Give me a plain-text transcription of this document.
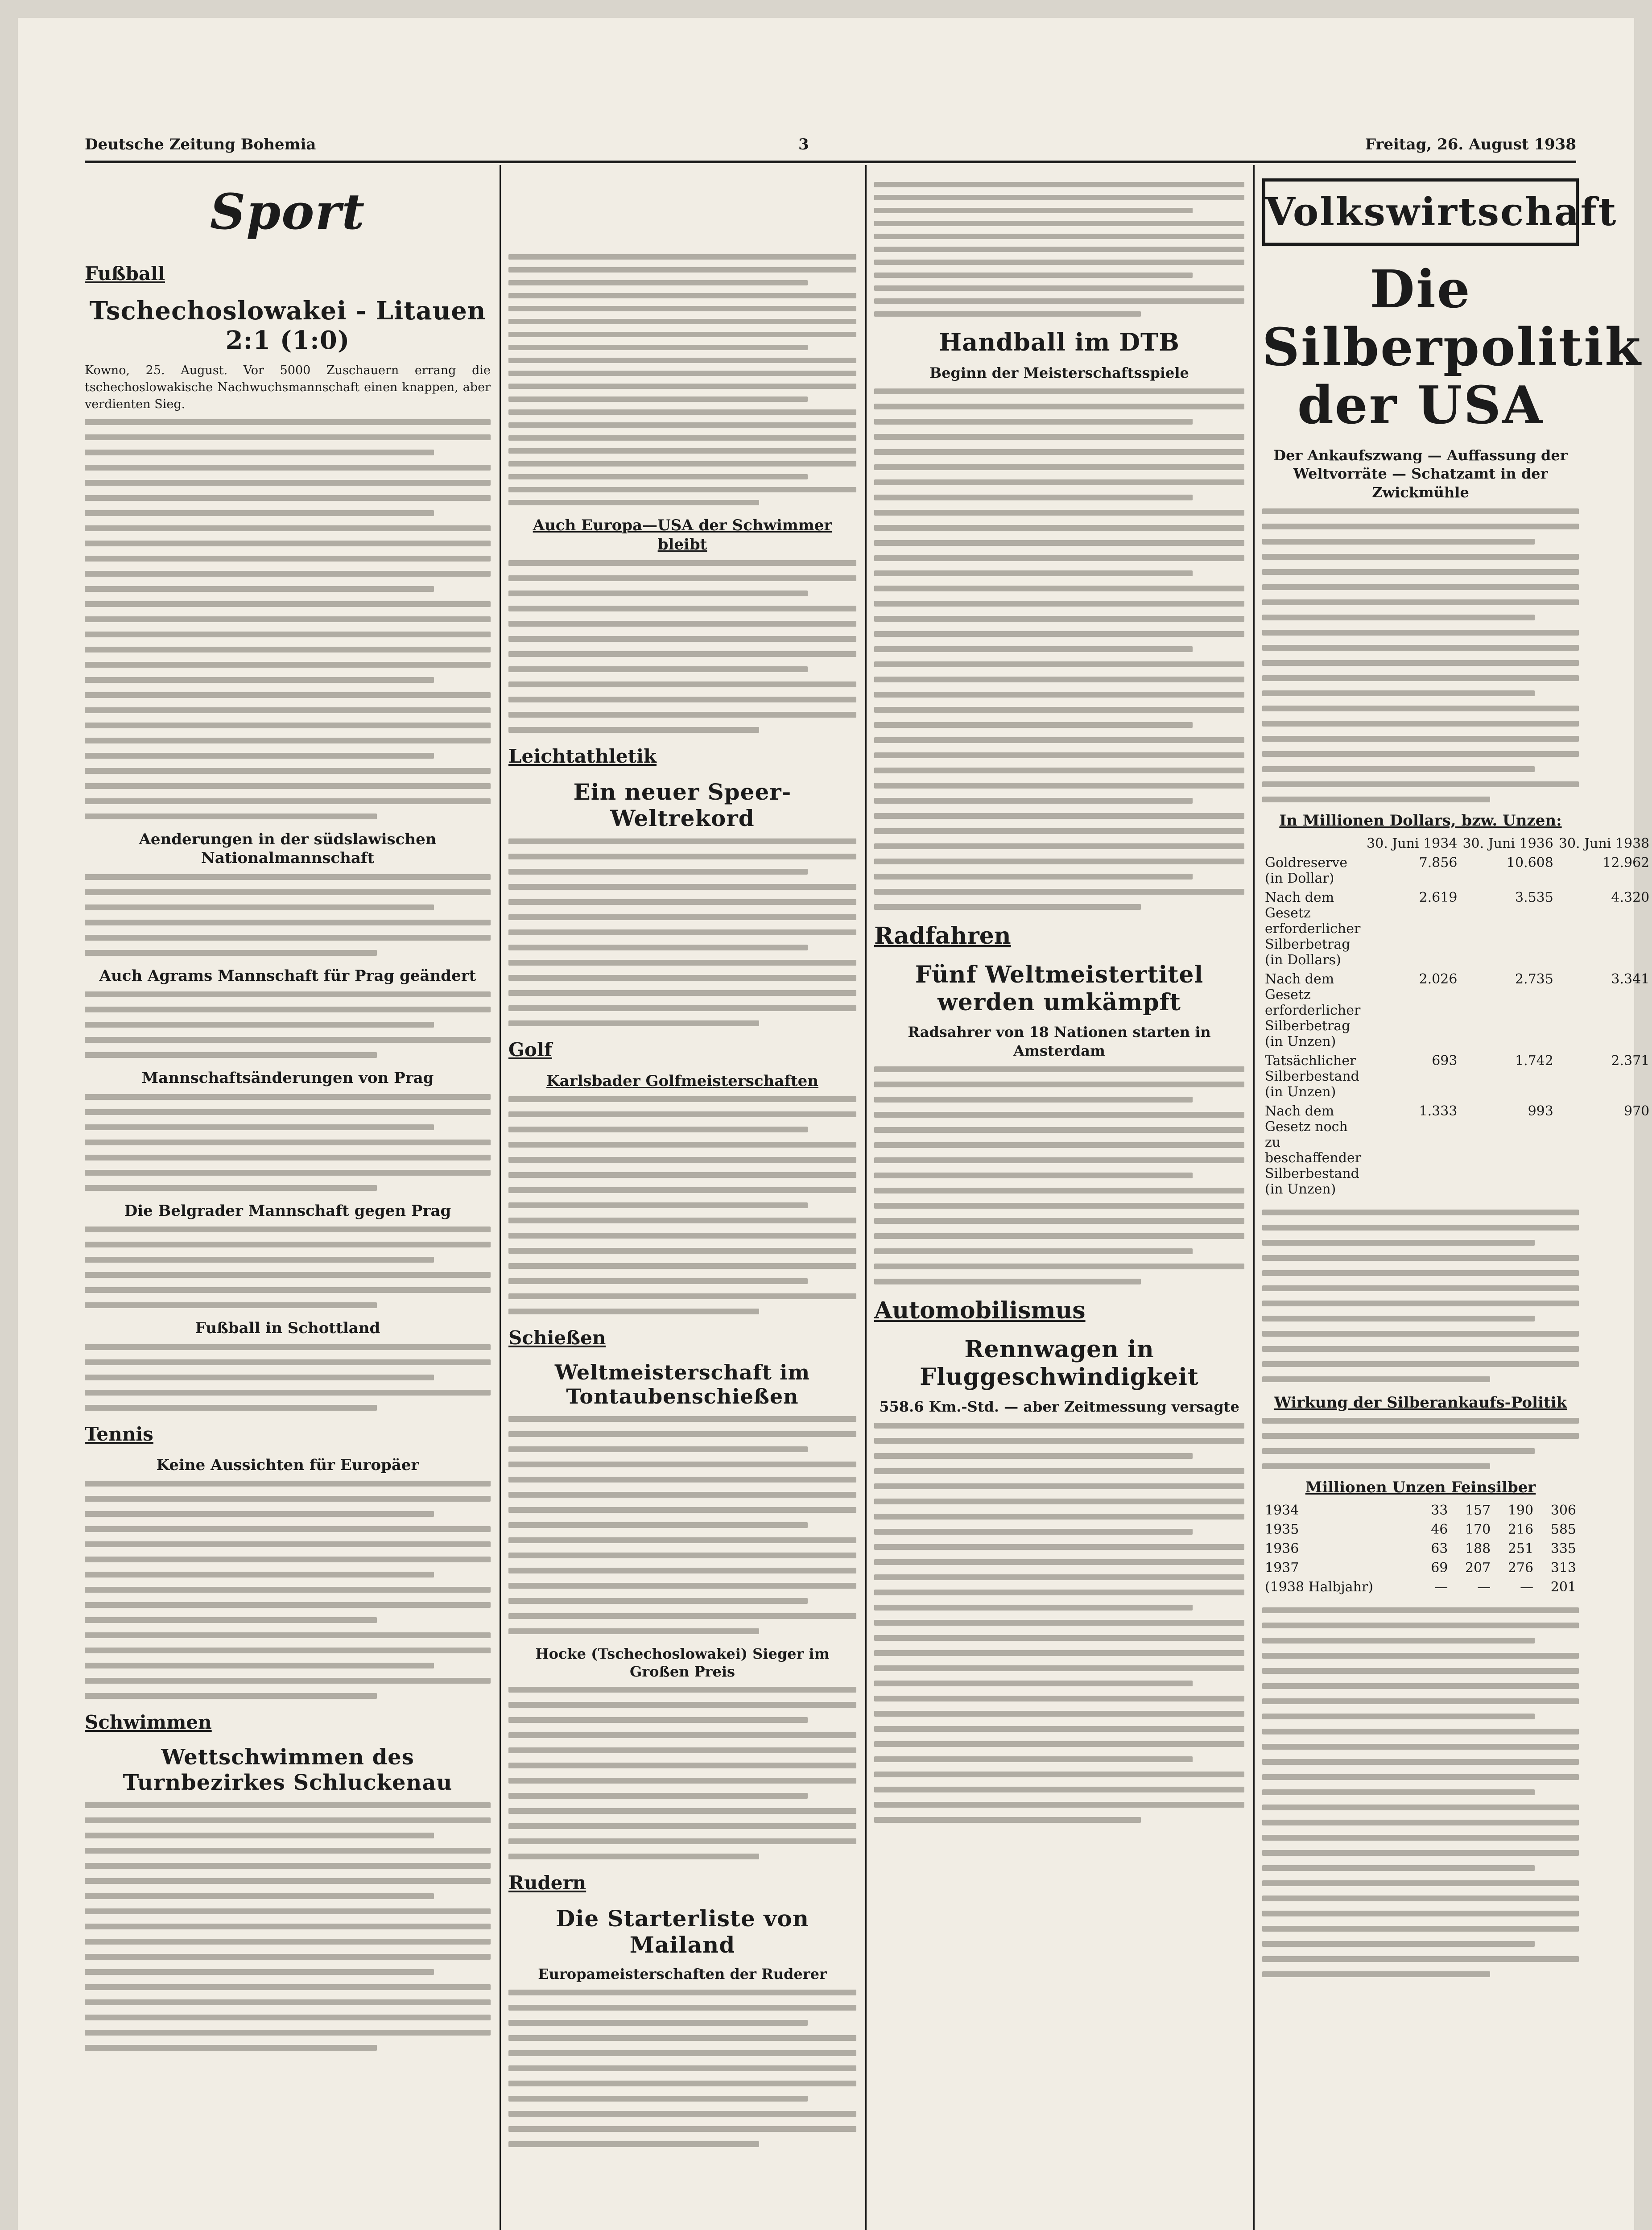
Deutsche Zeitung Bohemia	3	Freitag, 26. August 1938
Sport
Fußball
Tschechoslowakei - Litauen 2:1 (1:0)

Kowno, 25. August. Vor 5000 Zuschauern errang die tschechoslowakische Nachwuchsmannschaft einen knappen, aber verdienten Sieg.

Aenderungen in der südslawischen Nationalmannschaft
Auch Agrams Mannschaft für Prag geändert
Mannschaftsänderungen von Prag
Die Belgrader Mannschaft gegen Prag
Fußball in Schottland
Tennis
Keine Aussichten für Europäer
Schwimmen
Wettschwimmen des Turnbezirkes Schluckenau
Auch Europa—USA der Schwimmer bleibt
Leichtathletik
Ein neuer Speer-Weltrekord
Golf
Karlsbader Golfmeisterschaften
Schießen
Weltmeisterschaft im Tontaubenschießen
Hocke (Tschechoslowakei) Sieger im Großen Preis
Rudern
Die Starterliste von Mailand
Europameisterschaften der Ruderer
Handball im DTB
Beginn der Meisterschaftsspiele
Radfahren
Fünf Weltmeistertitel werden umkämpft
Radsahrer von 18 Nationen starten in Amsterdam
Automobilismus
Rennwagen in Fluggeschwindigkeit
558.6 Km.-Std. — aber Zeitmessung versagte
Volkswirtschaft
Die Silberpolitik der USA
Der Ankaufszwang — Auffassung der Weltvorräte — Schatzamt in der Zwickmühle
In Millionen Dollars, bzw. Unzen:
	30. Juni 1934	30. Juni 1936	30. Juni 1938
Goldreserve (in Dollar)	7.856	10.608	12.962
Nach dem Gesetz erforderlicher Silberbetrag (in Dollars)	2.619	3.535	4.320
Nach dem Gesetz erforderlicher Silberbetrag (in Unzen)	2.026	2.735	3.341
Tatsächlicher Silberbestand (in Unzen)	693	1.742	2.371
Nach dem Gesetz noch zu beschaffender Silberbestand (in Unzen)	1.333	993	970
Wirkung der Silberankaufs-Politik
Millionen Unzen Feinsilber
1934	33	157	190	306
1935	46	170	216	585
1936	63	188	251	335
1937	69	207	276	313
(1938 Halbjahr)	—	—	—	201
